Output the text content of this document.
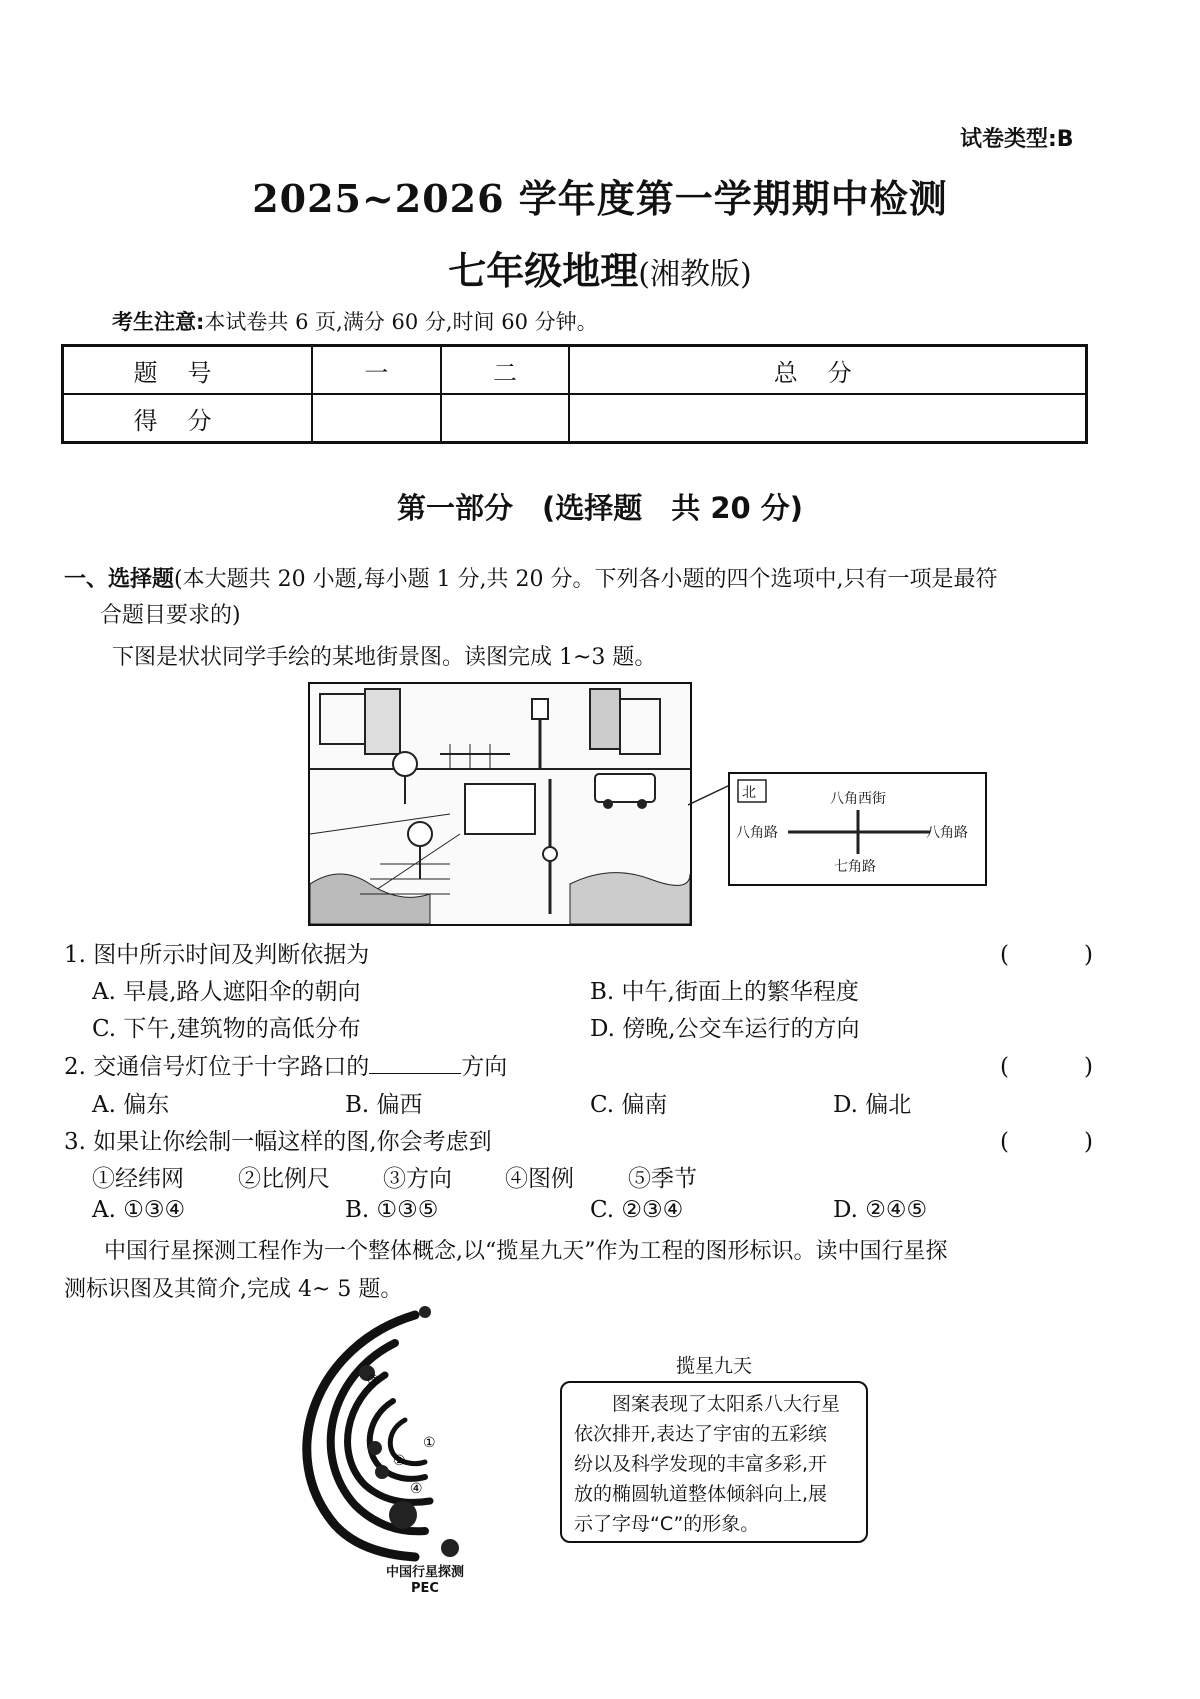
试卷类型:B
2025~2026 学年度第一学期期中检测
七年级地理(湘教版)
考生注意:本试卷共 6 页,满分 60 分,时间 60 分钟。
题号	一	二	总分
得分			
第一部分　(选择题　共 20 分)
一、选择题(本大题共 20 小题,每小题 1 分,共 20 分。下列各小题的四个选项中,只有一项是最符
合题目要求的)
下图是状状同学手绘的某地街景图。读图完成 1~3 题。
北	八角西街
八角路	八角路
七角路
1. 图中所示时间及判断依据为	(　)
A. 早晨,路人遮阳伞的朝向	B. 中午,街面上的繁华程度
C. 下午,建筑物的高低分布	D. 傍晚,公交车运行的方向
2. 交通信号灯位于十字路口的	方向	(　)
A. 偏东	B. 偏西	C. 偏南	D. 偏北
3. 如果让你绘制一幅这样的图,你会考虑到	(　)
①经纬网 ②比例尺 ③方向 ④图例 ⑤季节
A. ①③④	B. ①③⑤	C. ②③④	D. ②④⑤
中国行星探测工程作为一个整体概念,以“揽星九天”作为工程的图形标识。读中国行星探
测标识图及其简介,完成 4~ 5 题。
③
②
①
④
中国行星探测
PEC
揽星九天
图案表现了太阳系八大行星
依次排开,表达了宇宙的五彩缤
纷以及科学发现的丰富多彩,开
放的椭圆轨道整体倾斜向上,展
示了字母“C”的形象。
